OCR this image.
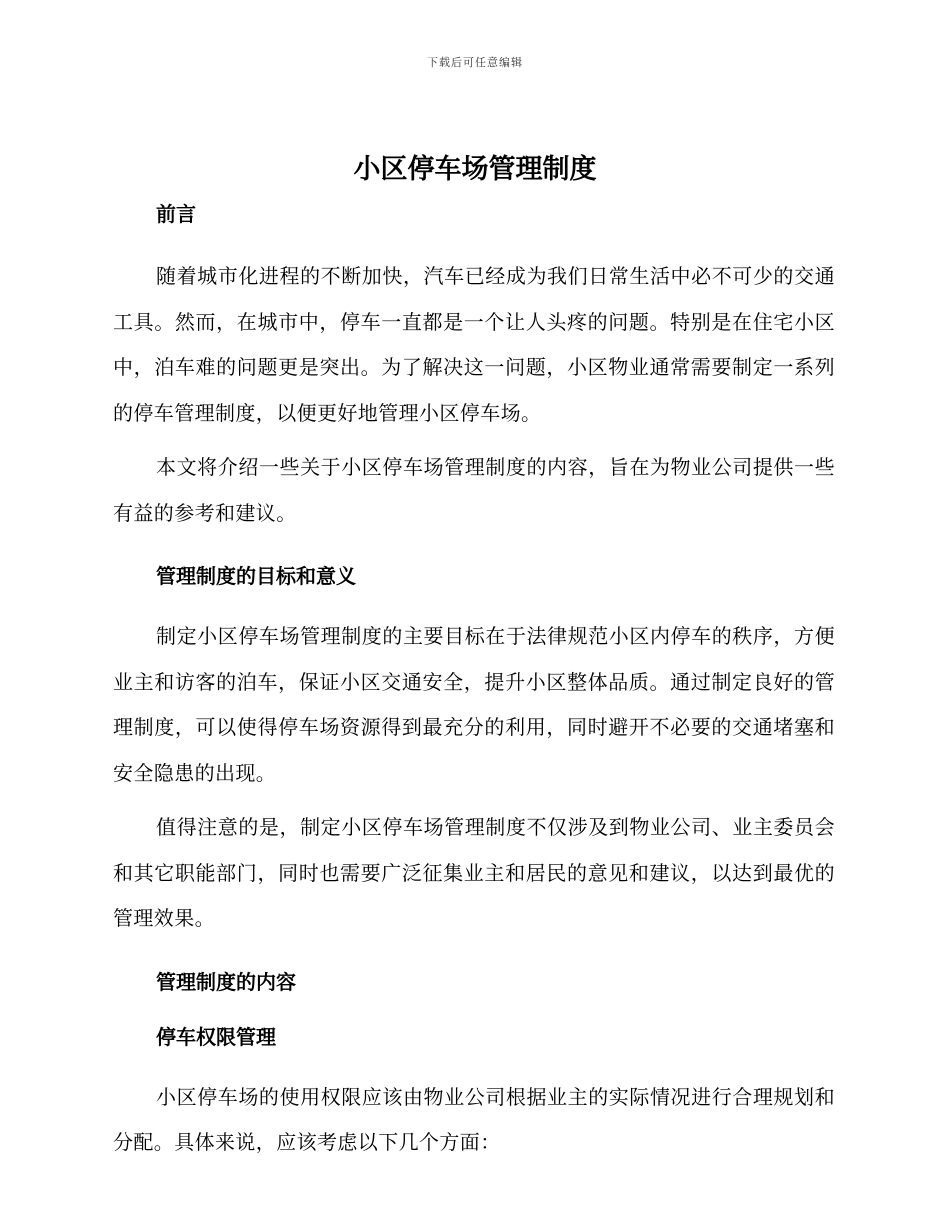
下载后可任意编辑
小区停车场管理制度
前言

随着城市化进程的不断加快，汽车已经成为我们日常生活中必不可少的交通工具。然而，在城市中，停车一直都是一个让人头疼的问题。特别是在住宅小区中，泊车难的问题更是突出。为了解决这一问题，小区物业通常需要制定一系列的停车管理制度，以便更好地管理小区停车场。

本文将介绍一些关于小区停车场管理制度的内容，旨在为物业公司提供一些有益的参考和建议。

管理制度的目标和意义

制定小区停车场管理制度的主要目标在于法律规范小区内停车的秩序，方便业主和访客的泊车，保证小区交通安全，提升小区整体品质。通过制定良好的管理制度，可以使得停车场资源得到最充分的利用，同时避开不必要的交通堵塞和安全隐患的出现。

值得注意的是，制定小区停车场管理制度不仅涉及到物业公司、业主委员会和其它职能部门，同时也需要广泛征集业主和居民的意见和建议，以达到最优的管理效果。

管理制度的内容
停车权限管理

小区停车场的使用权限应该由物业公司根据业主的实际情况进行合理规划和分配。具体来说，应该考虑以下几个方面：
